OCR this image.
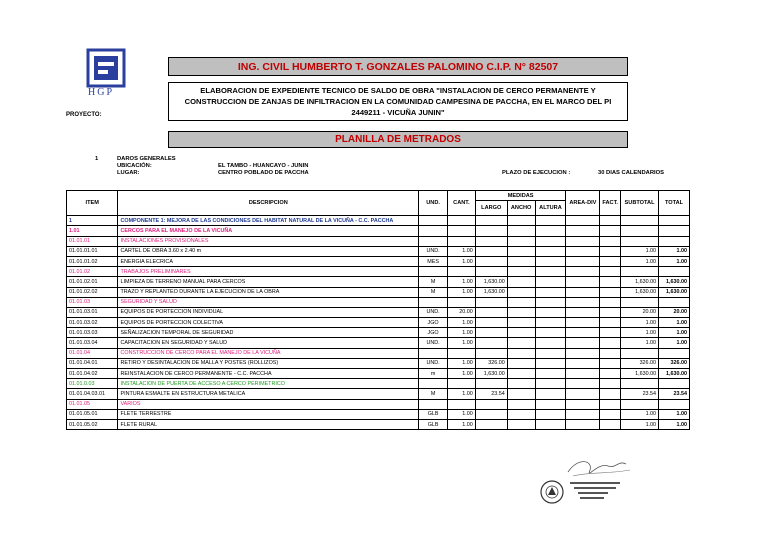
HGP
ING. CIVIL HUMBERTO T. GONZALES PALOMINO C.I.P. N° 82507
ELABORACION DE EXPEDIENTE TECNICO DE SALDO DE OBRA "INSTALACION DE CERCO PERMANENTE Y CONSTRUCCION DE ZANJAS DE INFILTRACION EN LA COMUNIDAD CAMPESINA DE PACCHA, EN EL MARCO DEL PI 2449211 - VICUÑA JUNIN"
PROYECTO:
PLANILLA DE METRADOS
1	DAROS GENERALES
UBICACIÓN:	EL TAMBO - HUANCAYO - JUNIN
LUGAR:	CENTRO POBLADO DE PACCHA	PLAZO DE EJECUCION :	30 DIAS CALENDARIOS
ITEM	DESCRIPCION	UND.	CANT.	MEDIDAS			AREA-DIV	FACT.	SUBTOTAL	TOTAL
				LARGO	ANCHO	ALTURA				
1	COMPONENTE 1: MEJORA DE LAS CONDICIONES DEL HABITAT NATURAL DE LA VICUÑA - C.C. PACCHA									
1.01	CERCOS PARA EL MANEJO DE LA VICUÑA									
01.01.01	INSTALACIONES PROVISIONALES									
01.01.01.01	CARTEL DE OBRA 3.60 x 2.40 m	UND.	1.00						1.00	1.00
01.01.01.02	ENERGIA ELECRICA	MES	1.00						1.00	1.00
01.01.02	TRABAJOS PRELIMINARES									
01.01.02.01	LIMPIEZA DE TERRENO MANUAL PARA CERCOS	M	1.00	1,630.00					1,630.00	1,630.00
01.01.02.02	TRAZO Y REPLANTEO DURANTE LA EJECUCION DE LA OBRA	M	1.00	1,630.00					1,630.00	1,630.00
01.01.03	SEGURIDAD Y SALUD									
01.01.03.01	EQUIPOS DE PORTECCION INDIVIDUAL	UND.	20.00						20.00	20.00
01.01.03.02	EQUIPOS DE PORTECCION COLECTIVA	JGO	1.00						1.00	1.00
01.01.03.03	SEÑALIZACION TEMPORAL DE SEGURIDAD	JGO	1.00						1.00	1.00
01.01.03.04	CAPACITACION EN SEGURIDAD Y SALUD	UND.	1.00						1.00	1.00
01.01.04	CONSTRUCCION DE CERCO PARA EL MANEJO DE LA VICUÑA									
01.01.04.01	RETIRO Y DESINTALACION DE MALLA Y POSTES (ROLLIZOS)	UND.	1.00	326.00					326.00	326.00
01.01.04.02	REINSTALACION DE CERCO PERMANENTE - C.C. PACCHA	m	1.00	1,630.00					1,630.00	1,630.00
01.01.0.03	INSTALACION DE PUERTA DE ACCESO A CERCO PERIMETRICO									
01.01.04.03.01	PINTURA ESMALTE EN ESTRUCTURA METALICA	M	1.00	23.54					23.54	23.54
01.01.05	VARIOS									
01.01.05.01	FLETE TERRESTRE	GLB	1.00						1.00	1.00
01.01.05.02	FLETE RURAL	GLB	1.00						1.00	1.00
